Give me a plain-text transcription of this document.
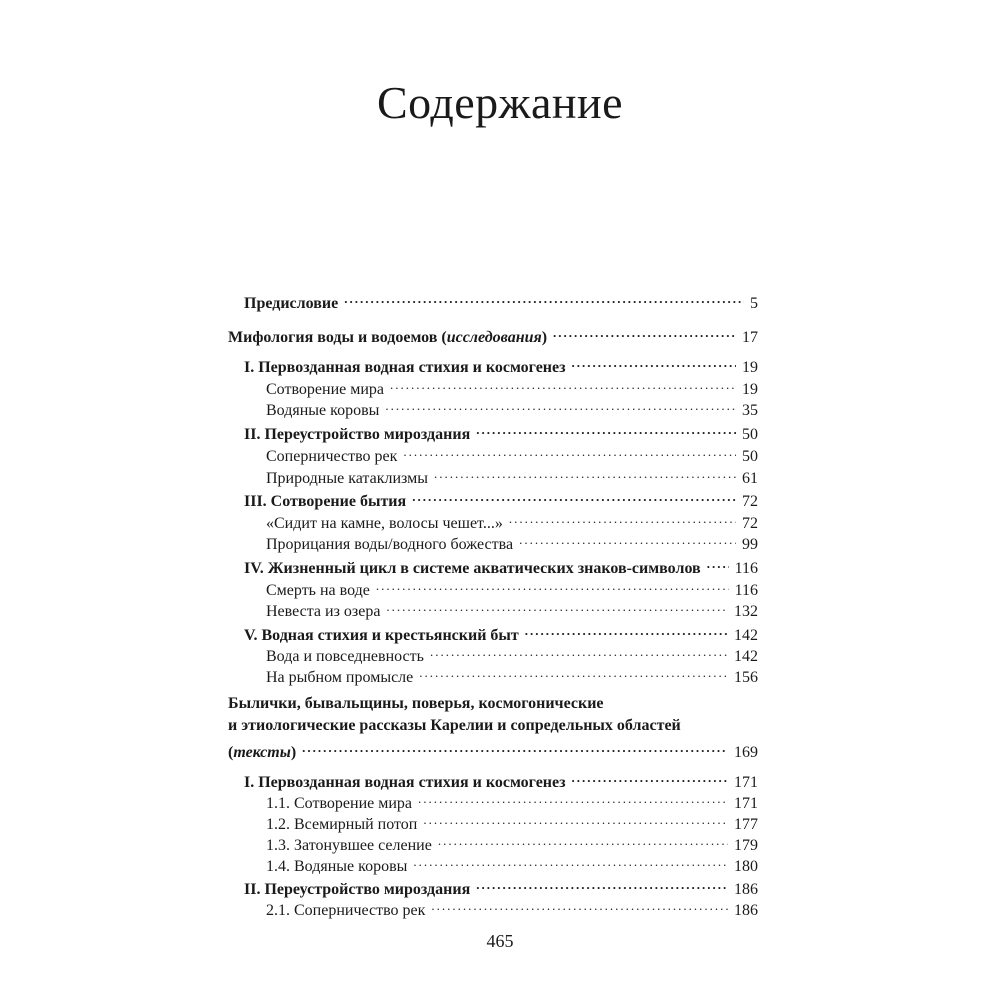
Содержание
Предисловие .....	5
Мифология воды и водоемов (исследования) .....	17
I. Первозданная водная стихия и космогенез .....	19
Сотворение мира .....	19
Водяные коровы .....	35
II. Переустройство мироздания .....	50
Соперничество рек .....	50
Природные катаклизмы .....	61
III. Сотворение бытия .....	72
«Сидит на камне, волосы чешет...» .....	72
Прорицания воды/водного божества .....	99
IV. Жизненный цикл в системе акватических знаков-символов ..... 116
Смерть на воде .....	116
Невеста из озера .....	132
V. Водная стихия и крестьянский быт .....	142
Вода и повседневность .....	142
На рыбном промысле .....	156
Былички, бывальщины, поверья, космогонические
и этиологические рассказы Карелии и сопредельных областей
(тексты) .....	169
I. Первозданная водная стихия и космогенез .....	171
1.1. Сотворение мира .....	171
1.2. Всемирный потоп .....	177
1.3. Затонувшее селение .....	179
1.4. Водяные коровы .....	180
II. Переустройство мироздания .....	186
2.1. Соперничество рек .....	186
465
